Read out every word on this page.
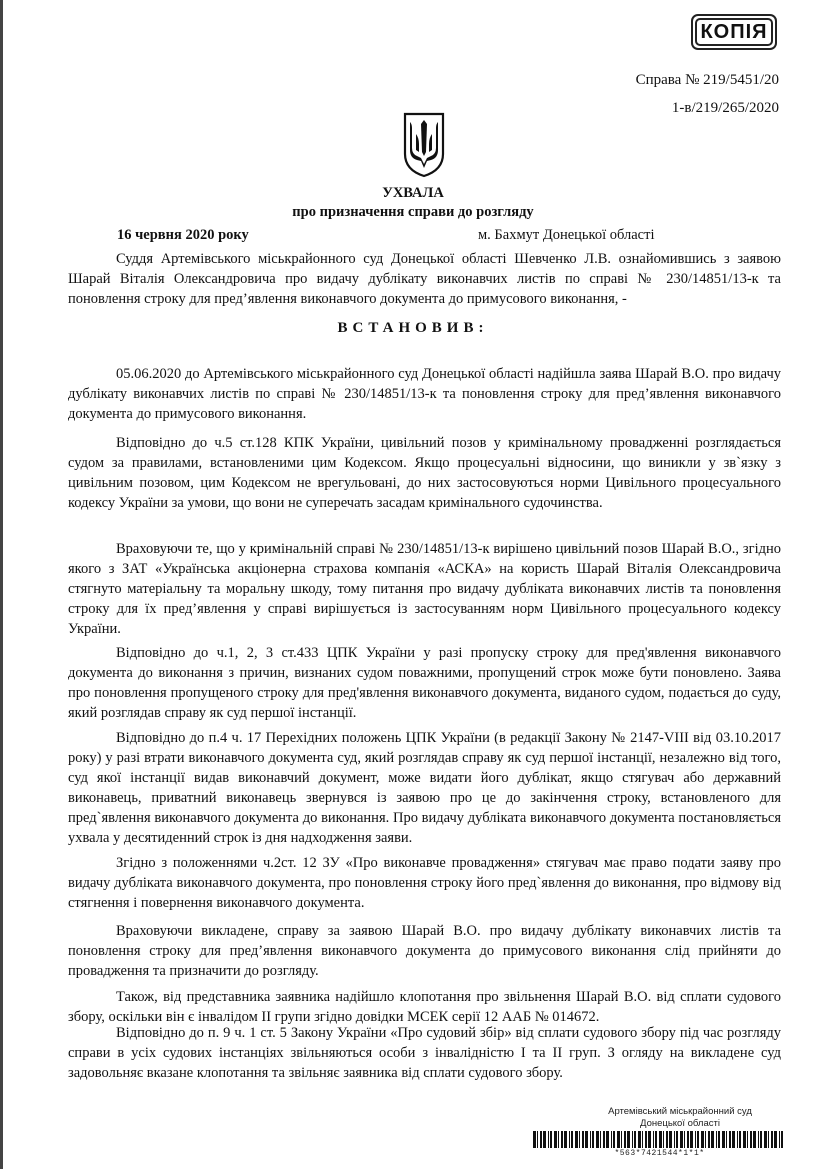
КОПІЯ
Справа № 219/5451/20
1-в/219/265/2020
УХВАЛА
про призначення справи до розгляду
16 червня 2020 року	м. Бахмут Донецької області

Суддя Артемівського міськрайонного суд Донецької області Шевченко Л.В. ознайомившись з заявою Шарай Віталія Олександровича про видачу дублікату виконавчих листів по справі № 230/14851/13-к та поновлення строку для пред’явлення виконавчого документа до примусового виконання, -

ВСТАНОВИВ:

05.06.2020 до Артемівського міськрайонного суд Донецької області надійшла заява Шарай В.О. про видачу дублікату виконавчих листів по справі № 230/14851/13-к та поновлення строку для пред’явлення виконавчого документа до примусового виконання.

Відповідно до ч.5 ст.128 КПК України, цивільний позов у кримінальному провадженні розглядається судом за правилами, встановленими цим Кодексом. Якщо процесуальні відносини, що виникли у зв`язку з цивільним позовом, цим Кодексом не врегульовані, до них застосовуються норми Цивільного процесуального кодексу України за умови, що вони не суперечать засадам кримінального судочинства.

Враховуючи те, що у кримінальній справі № 230/14851/13-к вирішено цивільний позов Шарай В.О., згідно якого з ЗАТ «Українська акціонерна страхова компанія «АСКА» на користь Шарай Віталія Олександровича стягнуто матеріальну та моральну шкоду, тому питання про видачу дубліката виконавчих листів та поновлення строку для їх пред’явлення у справі вирішується із застосуванням норм Цивільного процесуального кодексу України.

Відповідно до ч.1, 2, 3 ст.433 ЦПК України у разі пропуску строку для пред'явлення виконавчого документа до виконання з причин, визнаних судом поважними, пропущений строк може бути поновлено. Заява про поновлення пропущеного строку для пред'явлення виконавчого документа, виданого судом, подається до суду, який розглядав справу як суд першої інстанції.

Відповідно до п.4 ч. 17 Перехідних положень ЦПК України (в редакції Закону № 2147-VIII від 03.10.2017 року) у разі втрати виконавчого документа суд, який розглядав справу як суд першої інстанції, незалежно від того, суд якої інстанції видав виконавчий документ, може видати його дублікат, якщо стягувач або державний виконавець, приватний виконавець звернувся із заявою про це до закінчення строку, встановленого для пред`явлення виконавчого документа до виконання. Про видачу дубліката виконавчого документа постановляється ухвала у десятиденний строк із дня надходження заяви.

Згідно з положеннями ч.2ст. 12 ЗУ «Про виконавче провадження» стягувач має право подати заяву про видачу дубліката виконавчого документа, про поновлення строку його пред`явлення до виконання, про відмову від стягнення і повернення виконавчого документа.

Враховуючи викладене, справу за заявою Шарай В.О. про видачу дублікату виконавчих листів та поновлення строку для пред’явлення виконавчого документа до примусового виконання слід прийняти до провадження та призначити до розгляду.

Також, від представника заявника надійшло клопотання про звільнення Шарай В.О. від сплати судового збору, оскільки він є інвалідом ІІ групи згідно довідки МСЕК серії 12 ААБ № 014672.

Відповідно до п. 9 ч. 1 ст. 5 Закону України «Про судовий збір» від сплати судового збору під час розгляду справи в усіх судових інстанціях звільняються особи з інвалідністю І та ІІ груп. З огляду на викладене суд задовольняє вказане клопотання та звільняє заявника від сплати судового збору.

Артемівський міськрайонний суд
Донецької області
*563*7421544*1*1*
